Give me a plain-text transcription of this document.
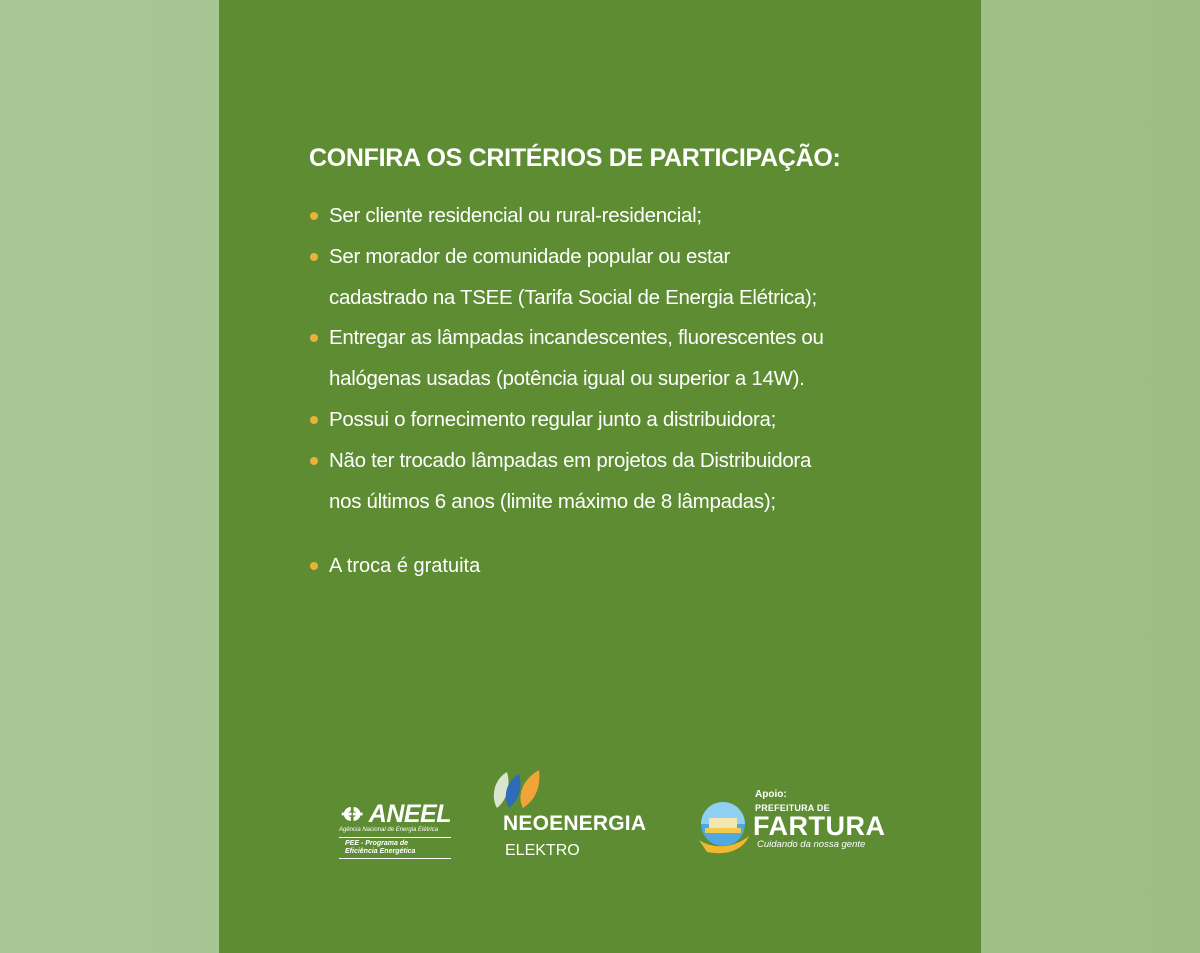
CONFIRA OS CRITÉRIOS DE PARTICIPAÇÃO:
Ser cliente residencial ou rural-residencial;
Ser morador de comunidade popular ou estar
cadastrado na TSEE (Tarifa Social de Energia Elétrica);
Entregar as lâmpadas incandescentes, fluorescentes ou
halógenas usadas (potência igual ou superior a 14W).
Possui o fornecimento regular junto a distribuidora;
Não ter trocado lâmpadas em projetos da Distribuidora
nos últimos 6 anos (limite máximo de 8 lâmpadas);
A troca é gratuita
ANEEL
Agência Nacional de Energia Elétrica
PEE - Programa de
Eficiência Energética
NEOENERGIA
ELEKTRO
Apoio:
PREFEITURA DE
FARTURA
Cuidando da nossa gente
